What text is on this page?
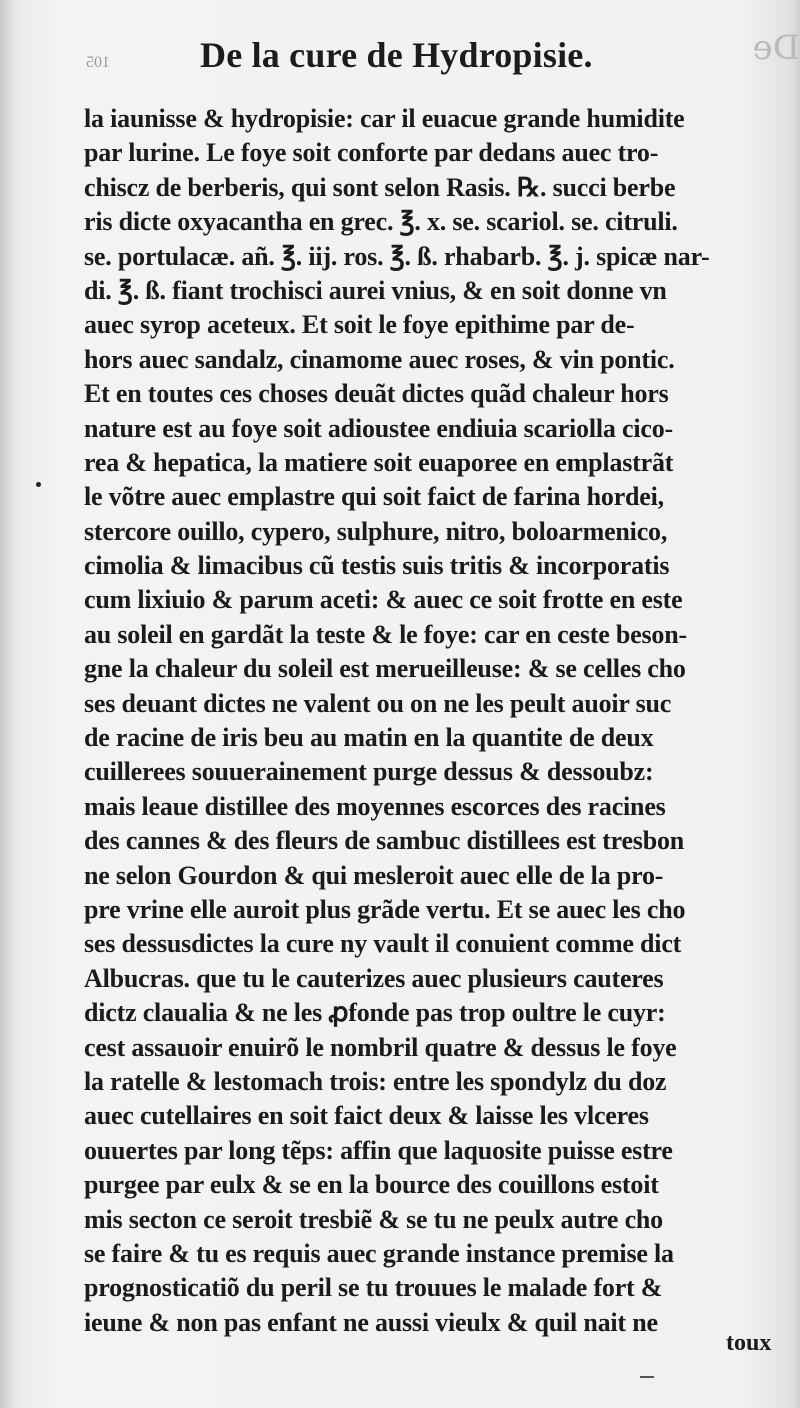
De
105	De la cure de Hydropisie.
la iaunisse & hydropisie: car il euacue grande humidite
par lurine. Le foye soit conforte par dedans auec tro-
chiscz de berberis, qui sont selon Rasis. ℞. succi berbe
ris dicte oxyacantha en grec. ℥. x. se. scariol. se. citruli.
se. portulacæ. añ. ℥. iij. ros. ℥. ß. rhabarb. ℥. j. spicæ nar-
di. ℥. ß. fiant trochisci aurei vnius, & en soit donne vn
auec syrop aceteux. Et soit le foye epithime par de-
hors auec sandalz, cinamome auec roses, & vin pontic.
Et en toutes ces choses deuãt dictes quãd chaleur hors
nature est au foye soit adioustee endiuia scariolla cico-
rea & hepatica, la matiere soit euaporee en emplastrãt
le võtre auec emplastre qui soit faict de farina hordei,
stercore ouillo, cypero, sulphure, nitro, boloarmenico,
cimolia & limacibus cũ testis suis tritis & incorporatis
cum lixiuio & parum aceti: & auec ce soit frotte en este
au soleil en gardãt la teste & le foye: car en ceste beson-
gne la chaleur du soleil est merueilleuse: & se celles cho
ses deuant dictes ne valent ou on ne les peult auoir suc
de racine de iris beu au matin en la quantite de deux
cuillerees souuerainement purge dessus & dessoubz:
mais leaue distillee des moyennes escorces des racines
des cannes & des fleurs de sambuc distillees est tresbon
ne selon Gourdon & qui mesleroit auec elle de la pro-
pre vrine elle auroit plus grãde vertu. Et se auec les cho
ses dessusdictes la cure ny vault il conuient comme dict
Albucras. que tu le cauterizes auec plusieurs cauteres
dictz claualia & ne les ꝓfonde pas trop oultre le cuyr:
cest assauoir enuirõ le nombril quatre & dessus le foye
la ratelle & lestomach trois: entre les spondylz du doz
auec cutellaires en soit faict deux & laisse les vlceres
ouuertes par long tẽps: affin que laquosite puisse estre
purgee par eulx & se en la bource des couillons estoit
mis secton ce seroit tresbiẽ & se tu ne peulx autre cho
se faire & tu es requis auec grande instance premise la
prognosticatiõ du peril se tu trouues le malade fort &
ieune & non pas enfant ne aussi vieulx & quil nait ne
toux
